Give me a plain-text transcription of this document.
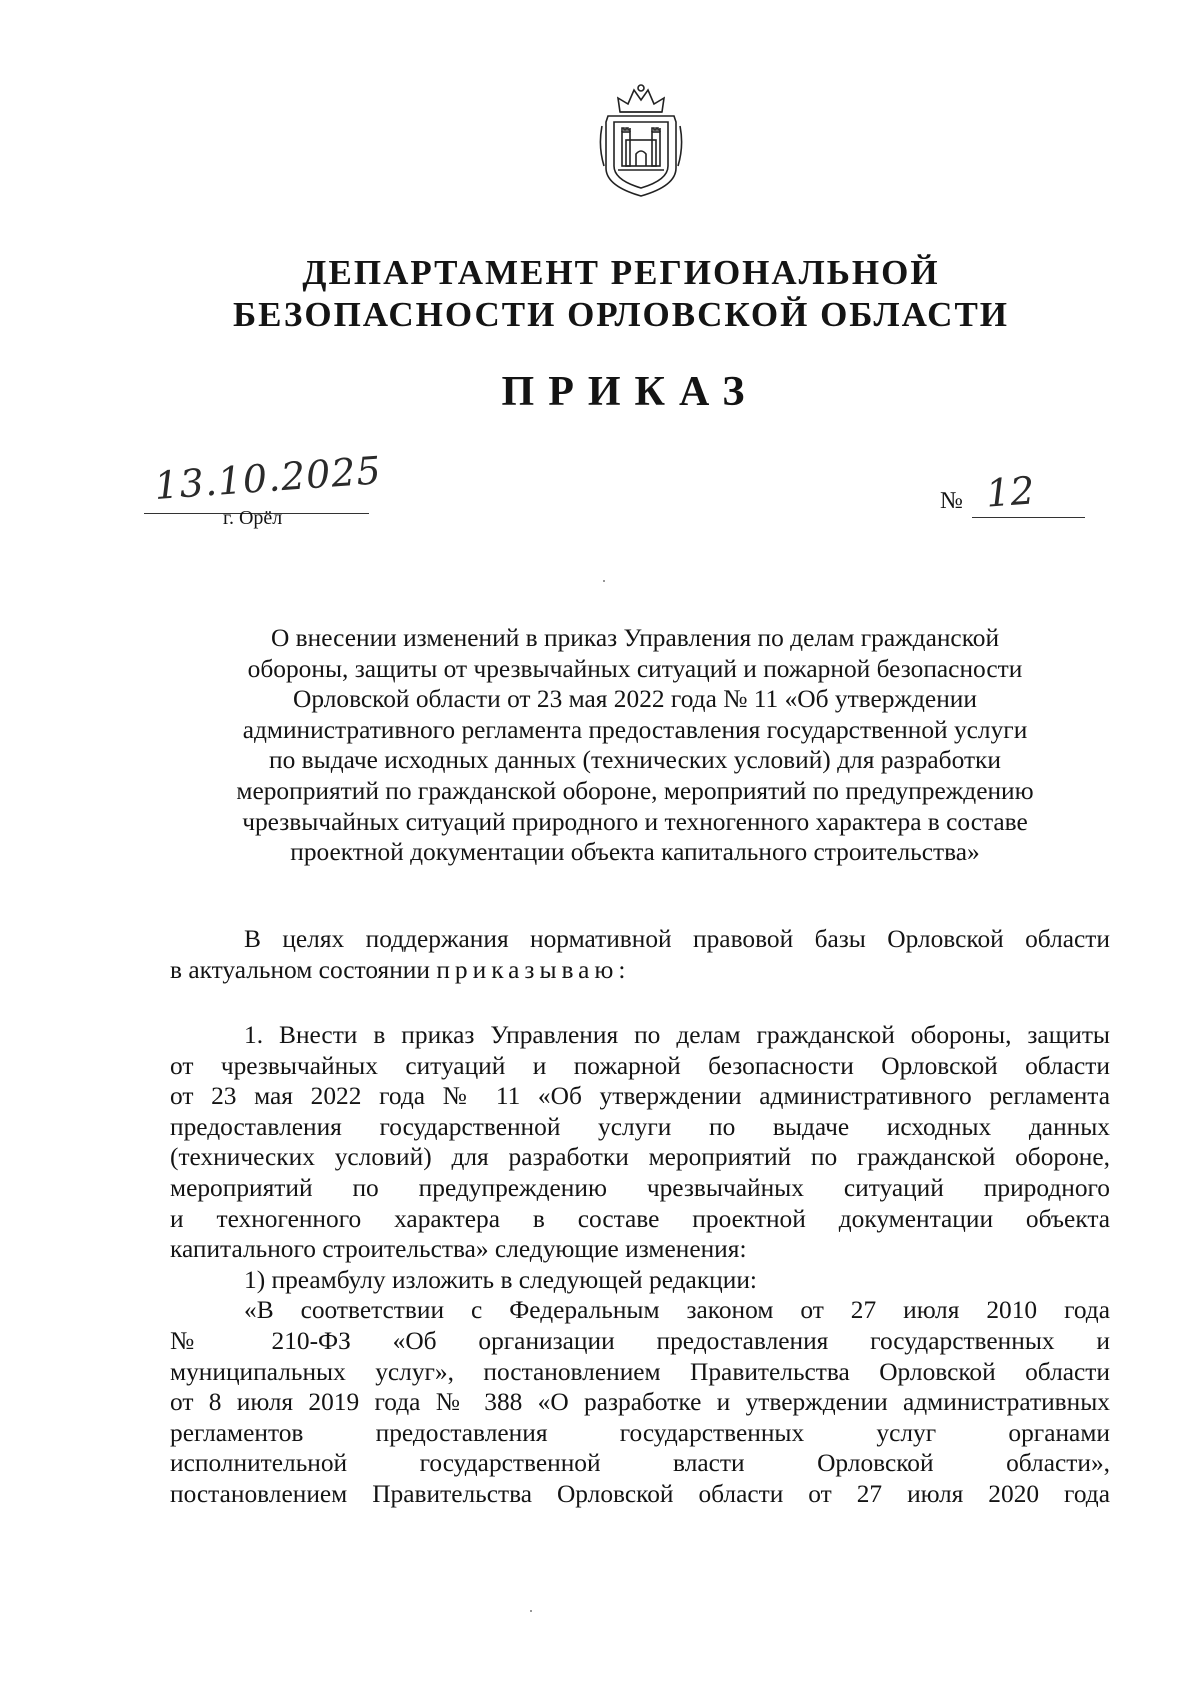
ДЕПАРТАМЕНТ РЕГИОНАЛЬНОЙ
БЕЗОПАСНОСТИ ОРЛОВСКОЙ ОБЛАСТИ
ПРИКАЗ
13.10.2025
г. Орёл
№ 12
О внесении изменений в приказ Управления по делам гражданской
обороны, защиты от чрезвычайных ситуаций и пожарной безопасности
Орловской области от 23 мая 2022 года № 11 «Об утверждении
административного регламента предоставления государственной услуги
по выдаче исходных данных (технических условий) для разработки
мероприятий по гражданской обороне, мероприятий по предупреждению
чрезвычайных ситуаций природного и техногенного характера в составе
проектной документации объекта капитального строительства»
В целях поддержания нормативной правовой базы Орловской области
в актуальном состоянии приказываю:
1. Внести в приказ Управления по делам гражданской обороны, защиты
от чрезвычайных ситуаций и пожарной безопасности Орловской области
от 23 мая 2022 года № 11 «Об утверждении административного регламента
предоставления государственной услуги по выдаче исходных данных
(технических условий) для разработки мероприятий по гражданской обороне,
мероприятий по предупреждению чрезвычайных ситуаций природного
и техногенного характера в составе проектной документации объекта
капитального строительства» следующие изменения:
1) преамбулу изложить в следующей редакции:
«В соответствии с Федеральным законом от 27 июля 2010 года
№ 210-ФЗ «Об организации предоставления государственных и
муниципальных услуг», постановлением Правительства Орловской области
от 8 июля 2019 года № 388 «О разработке и утверждении административных
регламентов предоставления государственных услуг органами
исполнительной государственной власти Орловской области»,
постановлением Правительства Орловской области от 27 июля 2020 года
